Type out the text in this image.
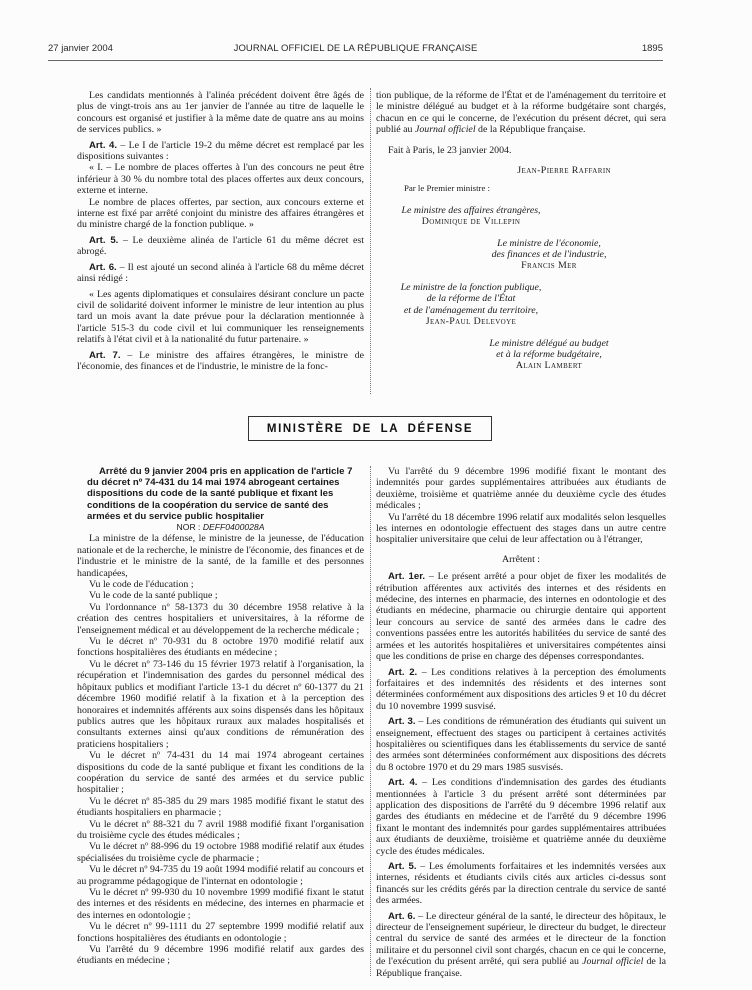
27 janvier 2004	JOURNAL OFFICIEL DE LA RÉPUBLIQUE FRANÇAISE	1895

Les candidats mentionnés à l'alinéa précédent doivent être âgés de plus de vingt-trois ans au 1er janvier de l'année au titre de laquelle le concours est organisé et justifier à la même date de quatre ans au moins de services publics. »

Art. 4. – Le I de l'article 19-2 du même décret est remplacé par les dispositions suivantes :

« I. – Le nombre de places offertes à l'un des concours ne peut être inférieur à 30 % du nombre total des places offertes aux deux concours, externe et interne.

Le nombre de places offertes, par section, aux concours externe et interne est fixé par arrêté conjoint du ministre des affaires étrangères et du ministre chargé de la fonction publique. »

Art. 5. – Le deuxième alinéa de l'article 61 du même décret est abrogé.

Art. 6. – Il est ajouté un second alinéa à l'article 68 du même décret ainsi rédigé :

« Les agents diplomatiques et consulaires désirant conclure un pacte civil de solidarité doivent informer le ministre de leur intention au plus tard un mois avant la date prévue pour la déclaration mentionnée à l'article 515-3 du code civil et lui communiquer les renseignements relatifs à l'état civil et à la nationalité du futur partenaire. »

Art. 7. – Le ministre des affaires étrangères, le ministre de l'économie, des finances et de l'industrie, le ministre de la fonc-

tion publique, de la réforme de l'État et de l'aménagement du territoire et le ministre délégué au budget et à la réforme budgétaire sont chargés, chacun en ce qui le concerne, de l'exécution du présent décret, qui sera publié au Journal officiel de la République française.

Fait à Paris, le 23 janvier 2004.

Jean-Pierre Raffarin

Par le Premier ministre :

Le ministre des affaires étrangères,
Dominique de Villepin
Le ministre de l'économie,
des finances et de l'industrie,
Francis Mer
Le ministre de la fonction publique,
de la réforme de l'État
et de l'aménagement du territoire,
Jean-Paul Delevoye
Le ministre délégué au budget
et à la réforme budgétaire,
Alain Lambert
MINISTÈRE DE LA DÉFENSE

Arrêté du 9 janvier 2004 pris en application de l'article 7 du décret nº 74-431 du 14 mai 1974 abrogeant certaines dispositions du code de la santé publique et fixant les conditions de la coopération du service de santé des armées et du service public hospitalier

NOR : DEFF0400028A

La ministre de la défense, le ministre de la jeunesse, de l'éducation nationale et de la recherche, le ministre de l'économie, des finances et de l'industrie et le ministre de la santé, de la famille et des personnes handicapées,

Vu le code de l'éducation ;

Vu le code de la santé publique ;

Vu l'ordonnance nº 58-1373 du 30 décembre 1958 relative à la création des centres hospitaliers et universitaires, à la réforme de l'enseignement médical et au développement de la recherche médicale ;

Vu le décret nº 70-931 du 8 octobre 1970 modifié relatif aux fonctions hospitalières des étudiants en médecine ;

Vu le décret nº 73-146 du 15 février 1973 relatif à l'organisation, la récupération et l'indemnisation des gardes du personnel médical des hôpitaux publics et modifiant l'article 13-1 du décret nº 60-1377 du 21 décembre 1960 modifié relatif à la fixation et à la perception des honoraires et indemnités afférents aux soins dispensés dans les hôpitaux publics autres que les hôpitaux ruraux aux malades hospitalisés et consultants externes ainsi qu'aux conditions de rémunération des praticiens hospitaliers ;

Vu le décret nº 74-431 du 14 mai 1974 abrogeant certaines dispositions du code de la santé publique et fixant les conditions de la coopération du service de santé des armées et du service public hospitalier ;

Vu le décret nº 85-385 du 29 mars 1985 modifié fixant le statut des étudiants hospitaliers en pharmacie ;

Vu le décret nº 88-321 du 7 avril 1988 modifié fixant l'organisation du troisième cycle des études médicales ;

Vu le décret nº 88-996 du 19 octobre 1988 modifié relatif aux études spécialisées du troisième cycle de pharmacie ;

Vu le décret nº 94-735 du 19 août 1994 modifié relatif au concours et au programme pédagogique de l'internat en odontologie ;

Vu le décret nº 99-930 du 10 novembre 1999 modifié fixant le statut des internes et des résidents en médecine, des internes en pharmacie et des internes en odontologie ;

Vu le décret nº 99-1111 du 27 septembre 1999 modifié relatif aux fonctions hospitalières des étudiants en odontologie ;

Vu l'arrêté du 9 décembre 1996 modifié relatif aux gardes des étudiants en médecine ;

Vu l'arrêté du 9 décembre 1996 modifié fixant le montant des indemnités pour gardes supplémentaires attribuées aux étudiants de deuxième, troisième et quatrième année du deuxième cycle des études médicales ;

Vu l'arrêté du 18 décembre 1996 relatif aux modalités selon lesquelles les internes en odontologie effectuent des stages dans un autre centre hospitalier universitaire que celui de leur affectation ou à l'étranger,

Arrêtent :

Art. 1er. – Le présent arrêté a pour objet de fixer les modalités de rétribution afférentes aux activités des internes et des résidents en médecine, des internes en pharmacie, des internes en odontologie et des étudiants en médecine, pharmacie ou chirurgie dentaire qui apportent leur concours au service de santé des armées dans le cadre des conventions passées entre les autorités habilitées du service de santé des armées et les autorités hospitalières et universitaires compétentes ainsi que les conditions de prise en charge des dépenses correspondantes.

Art. 2. – Les conditions relatives à la perception des émoluments forfaitaires et des indemnités des résidents et des internes sont déterminées conformément aux dispositions des articles 9 et 10 du décret du 10 novembre 1999 susvisé.

Art. 3. – Les conditions de rémunération des étudiants qui suivent un enseignement, effectuent des stages ou participent à certaines activités hospitalières ou scientifiques dans les établissements du service de santé des armées sont déterminées conformément aux dispositions des décrets du 8 octobre 1970 et du 29 mars 1985 susvisés.

Art. 4. – Les conditions d'indemnisation des gardes des étudiants mentionnées à l'article 3 du présent arrêté sont déterminées par application des dispositions de l'arrêté du 9 décembre 1996 relatif aux gardes des étudiants en médecine et de l'arrêté du 9 décembre 1996 fixant le montant des indemnités pour gardes supplémentaires attribuées aux étudiants de deuxième, troisième et quatrième année du deuxième cycle des études médicales.

Art. 5. – Les émoluments forfaitaires et les indemnités versées aux internes, résidents et étudiants civils cités aux articles ci-dessus sont financés sur les crédits gérés par la direction centrale du service de santé des armées.

Art. 6. – Le directeur général de la santé, le directeur des hôpitaux, le directeur de l'enseignement supérieur, le directeur du budget, le directeur central du service de santé des armées et le directeur de la fonction militaire et du personnel civil sont chargés, chacun en ce qui le concerne, de l'exécution du présent arrêté, qui sera publié au Journal officiel de la République française.
